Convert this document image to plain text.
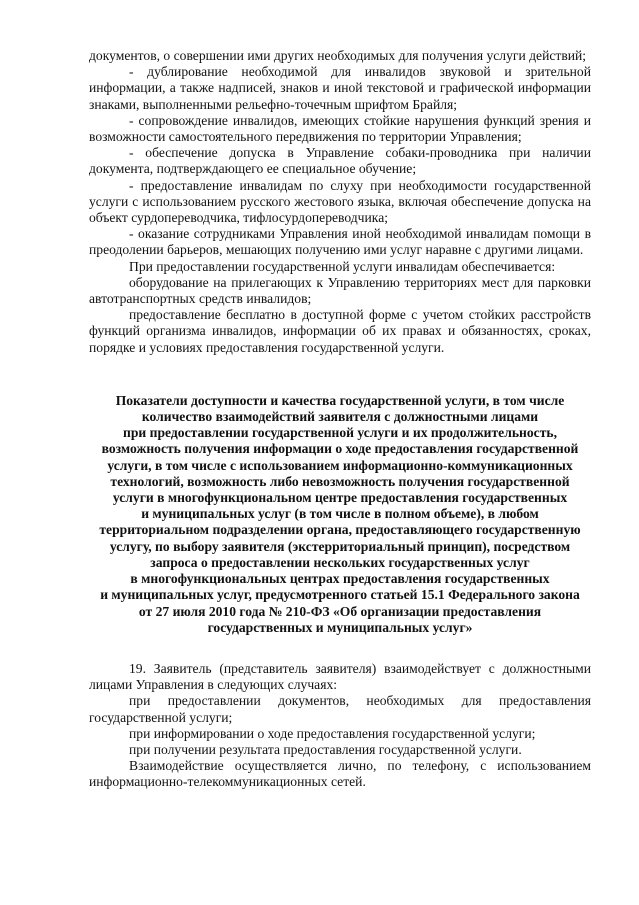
документов, о совершении ими других необходимых для получения услуги действий;

- дублирование необходимой для инвалидов звуковой и зрительной информации, а также надписей, знаков и иной текстовой и графической информации знаками, выполненными рельефно-точечным шрифтом Брайля;

- сопровождение инвалидов, имеющих стойкие нарушения функций зрения и возможности самостоятельного передвижения по территории Управления;

- обеспечение допуска в Управление собаки-проводника при наличии документа, подтверждающего ее специальное обучение;

- предоставление инвалидам по слуху при необходимости государственной услуги с использованием русского жестового языка, включая обеспечение допуска на объект сурдопереводчика, тифлосурдопереводчика;

- оказание сотрудниками Управления иной необходимой инвалидам помощи в преодолении барьеров, мешающих получению ими услуг наравне с другими лицами.

При предоставлении государственной услуги инвалидам обеспечивается:

оборудование на прилегающих к Управлению территориях мест для парковки автотранспортных средств инвалидов;

предоставление бесплатно в доступной форме с учетом стойких расстройств функций организма инвалидов, информации об их правах и обязанностях, сроках, порядке и условиях предоставления государственной услуги.

Показатели доступности и качества государственной услуги, в том числе
количество взаимодействий заявителя с должностными лицами
при предоставлении государственной услуги и их продолжительность,
возможность получения информации о ходе предоставления государственной
услуги, в том числе с использованием информационно-коммуникационных
технологий, возможность либо невозможность получения государственной
услуги в многофункциональном центре предоставления государственных
и муниципальных услуг (в том числе в полном объеме), в любом
территориальном подразделении органа, предоставляющего государственную
услугу, по выбору заявителя (экстерриториальный принцип), посредством
запроса о предоставлении нескольких государственных услуг
в многофункциональных центрах предоставления государственных
и муниципальных услуг, предусмотренного статьей 15.1 Федерального закона
от 27 июля 2010 года № 210-ФЗ «Об организации предоставления
государственных и муниципальных услуг»

19. Заявитель (представитель заявителя) взаимодействует с должностными лицами Управления в следующих случаях:

при предоставлении документов, необходимых для предоставления государственной услуги;

при информировании о ходе предоставления государственной услуги;

при получении результата предоставления государственной услуги.

Взаимодействие осуществляется лично, по телефону, с использованием информационно-телекоммуникационных сетей.
